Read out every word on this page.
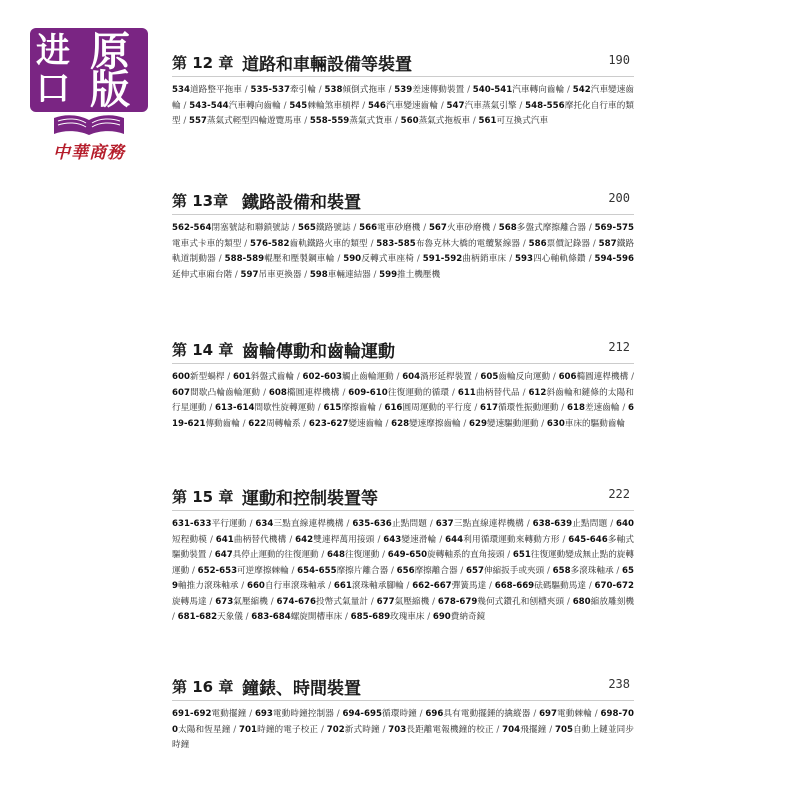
进 原
口 版
中華商務
第 12 章 道路和車輛設備等裝置	190
534道路整平拖車 / 535-537牽引輪 / 538傾倒式拖車 / 539差速傳動裝置 / 540-541汽車轉向齒輪 / 542汽車變速齒輪 / 543-544汽車轉向齒輪 / 545棘輪煞車槓桿 / 546汽車變速齒輪 / 547汽車蒸氣引擎 / 548-556摩托化自行車的類型 / 557蒸氣式輕型四輪遊覽馬車 / 558-559蒸氣式貨車 / 560蒸氣式拖板車 / 561可互換式汽車
第 13章 鐵路設備和裝置	200
562-564閉塞號誌和聯鎖號誌 / 565鐵路號誌 / 566電車砂磨機 / 567火車砂磨機 / 568多盤式摩擦離合器 / 569-575電車式卡車的類型 / 576-582齒軌鐵路火車的類型 / 583-585布魯克林大橋的電纜緊線器 / 586票價記錄器 / 587鐵路軌道制動器 / 588-589輥壓和壓製鋼車輪 / 590反轉式車座椅 / 591-592曲柄銷車床 / 593四心軸軌條鑽 / 594-596延伸式車廂台階 / 597吊車更換器 / 598車輛連結器 / 599推土機壓機
第 14 章 齒輪傳動和齒輪運動	212
600新型蝸桿 / 601斜盤式齒輪 / 602-603觸止齒輪運動 / 604渦形延桿裝置 / 605齒輪反向運動 / 606橢圓連桿機構 / 607間歇凸輪齒輪運動 / 608橢圓連桿機構 / 609-610往復運動的循環 / 611曲柄替代品 / 612斜齒輪和鏈條的太陽和行星運動 / 613-614間歇性旋轉運動 / 615摩擦齒輪 / 616圓周運動的平行度 / 617循環性振動運動 / 618差速齒輪 / 619-621傳動齒輪 / 622周轉輪系 / 623-627變速齒輪 / 628變速摩擦齒輪 / 629變速驅動運動 / 630車床的驅動齒輪
第 15 章 運動和控制裝置等	222
631-633平行運動 / 634三點直線連桿機構 / 635-636止點問題 / 637三點直線連桿機構 / 638-639止點問題 / 640短程動模 / 641曲柄替代機構 / 642雙連桿萬用接頭 / 643變速滑輪 / 644利用循環運動來轉動方形 / 645-646多軸式驅動裝置 / 647具停止運動的往復運動 / 648往復運動 / 649-650旋轉軸系的直角接頭 / 651往復運動變成無止點的旋轉運動 / 652-653可逆摩擦棘輪 / 654-655摩擦片離合器 / 656摩擦離合器 / 657伸縮扳手或夾頭 / 658多滾珠軸承 / 659軸推力滾珠軸承 / 660自行車滾珠軸承 / 661滾珠軸承腳輪 / 662-667彈簧馬達 / 668-669砝碼驅動馬達 / 670-672旋轉馬達 / 673氣壓縮機 / 674-676投幣式氣量計 / 677氣壓縮機 / 678-679幾何式鑽孔和刨槽夾頭 / 680縮放雕刻機 / 681-682天象儀 / 683-684螺旋開槽車床 / 685-689玫瑰車床 / 690費納奇鏡
第 16 章 鐘錶、時間裝置	238
691-692電動擺鐘 / 693電動時鐘控制器 / 694-695循環時鐘 / 696具有電動擺錘的擒縱器 / 697電動棘輪 / 698-700太陽和恆星鐘 / 701時鐘的電子校正 / 702新式時鐘 / 703長距離電報機鐘的校正 / 704飛擺鐘 / 705自動上鏈並同步時鐘
